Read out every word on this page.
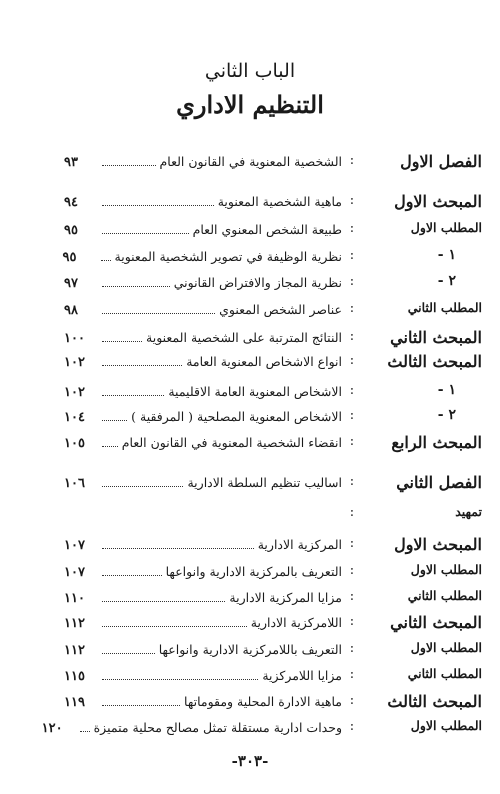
الباب الثاني
التنظيم الاداري
الفصل الاول
:
الشخصية المعنوية في القانون العام
٩٣
المبحث الاول
:
ماهية الشخصية المعنوية
٩٤
المطلب الاول
:
طبيعة الشخص المعنوي العام
٩٥
١ -
:
نظرية الوظيفة في تصوير الشخصية المعنوية
٩٥
٢ -
:
نظرية المجاز والافتراض القانوني
٩٧
المطلب الثاني
:
عناصر الشخص المعنوي
٩٨
المبحث الثاني
:
النتائج المترتبة على الشخصية المعنوية
١٠٠
المبحث الثالث
:
انواع الاشخاص المعنوية العامة
١٠٢
١ -
:
الاشخاص المعنوية العامة الاقليمية
١٠٢
٢ -
:
الاشخاص المعنوية المصلحية ( المرفقية )
١٠٤
المبحث الرابع
:
انقضاء الشخصية المعنوية في القانون العام
١٠٥
الفصل الثاني
:
اساليب تنظيم السلطة الادارية
١٠٦
تمهيد
:
المبحث الاول
:
المركزية الادارية
١٠٧
المطلب الاول
:
التعريف بالمركزية الادارية وانواعها
١٠٧
المطلب الثاني
:
مزايا المركزية الادارية
١١٠
المبحث الثاني
:
اللامركزية الادارية
١١٢
المطلب الاول
:
التعريف باللامركزية الادارية وانواعها
١١٢
المطلب الثاني
:
مزايا اللامركزية
١١٥
المبحث الثالث
:
ماهية الادارة المحلية ومقوماتها
١١٩
المطلب الاول
:
وحدات ادارية مستقلة تمثل مصالح محلية متميزة
١٢٠
-٣٠٣-
